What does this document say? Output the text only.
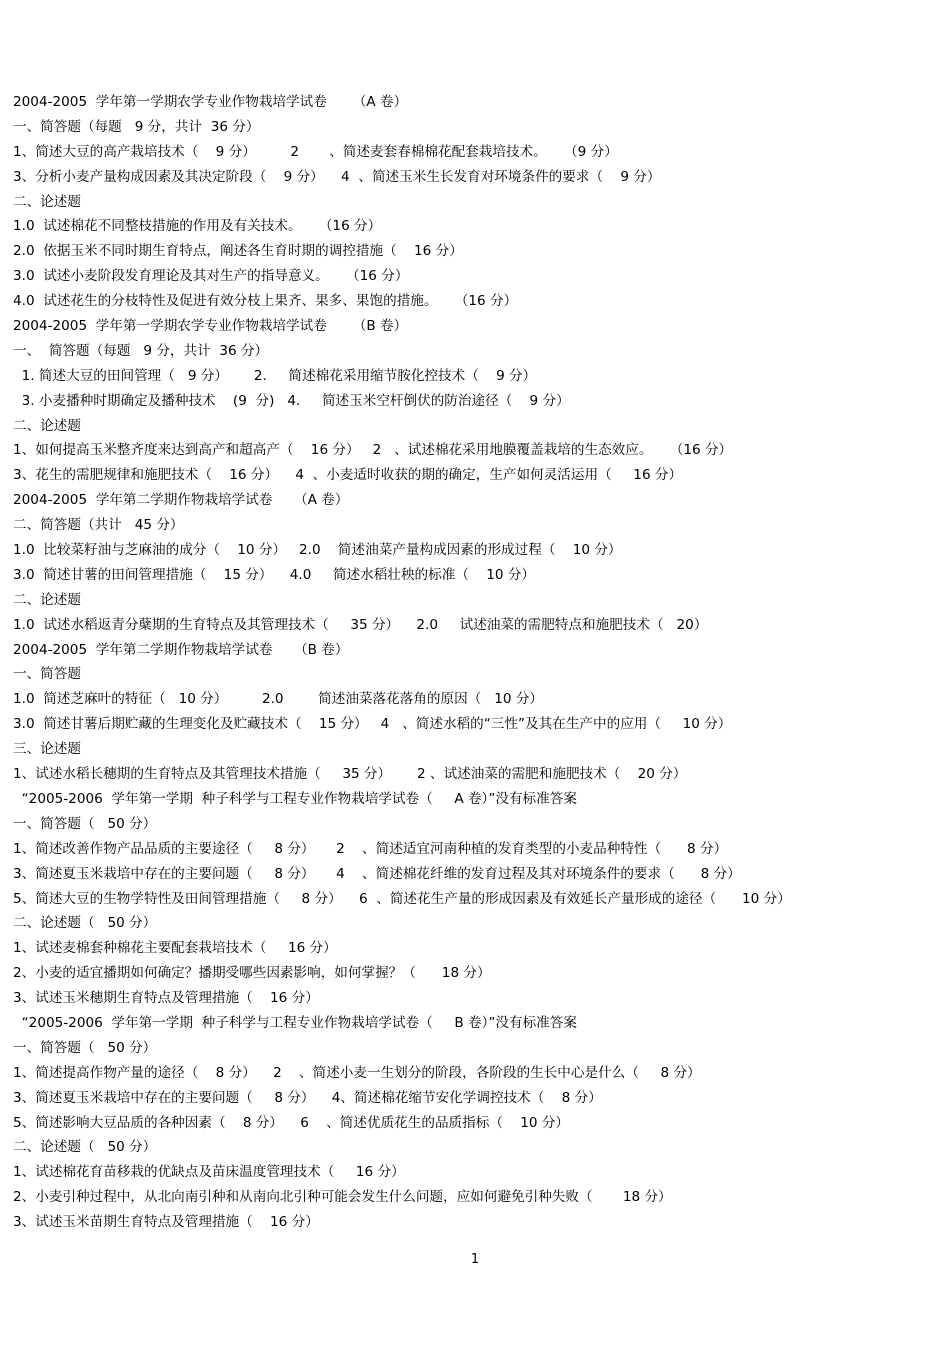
2004-2005  学年第一学期农学专业作物栽培学试卷      （A 卷）
一、简答题（每题   9 分，共计  36 分）
1、简述大豆的高产栽培技术（    9 分）        2       、简述麦套春棉棉花配套栽培技术。    （9 分）
3、分析小麦产量构成因素及其决定阶段（    9 分）    4  、简述玉米生长发育对环境条件的要求（    9 分）
二、论述题
1.0  试述棉花不同整枝措施的作用及有关技术。    （16 分）
2.0  依据玉米不同时期生育特点，阐述各生育时期的调控措施（    16 分）
3.0  试述小麦阶段发育理论及其对生产的指导意义。    （16 分）
4.0  试述花生的分枝特性及促进有效分枝上果齐、果多、果饱的措施。    （16 分）
2004-2005  学年第一学期农学专业作物栽培学试卷      （B 卷）
一、  简答题（每题   9 分，共计  36 分）
1. 简述大豆的田间管理（   9 分）      2.     简述棉花采用缩节胺化控技术（    9 分）
3. 小麦播种时期确定及播种技术    (9  分)   4.     简述玉米空杆倒伏的防治途径（    9 分）
二、论述题
1、如何提高玉米整齐度来达到高产和超高产（    16 分）   2   、试述棉花采用地膜覆盖栽培的生态效应。    （16 分）
3、花生的需肥规律和施肥技术（    16 分）    4  、小麦适时收获的期的确定，生产如何灵活运用（     16 分）
2004-2005  学年第二学期作物栽培学试卷     （A 卷）
二、简答题（共计   45 分）
1.0  比较菜籽油与芝麻油的成分（    10 分）   2.0    简述油菜产量构成因素的形成过程（    10 分）
3.0  简述甘薯的田间管理措施（    15 分）    4.0     简述水稻壮秧的标准（    10 分）
二、论述题
1.0  试述水稻返青分蘖期的生育特点及其管理技术（     35 分）    2.0     试述油菜的需肥特点和施肥技术（   20）
2004-2005  学年第二学期作物栽培学试卷     （B 卷）
一、简答题
1.0  简述芝麻叶的特征（   10 分）        2.0        简述油菜落花落角的原因（   10 分）
3.0  简述甘薯后期贮藏的生理变化及贮藏技术（    15 分）   4   、简述水稻的“三性”及其在生产中的应用（     10 分）
三、论述题
1、试述水稻长穗期的生育特点及其管理技术措施（     35 分）      2 、试述油菜的需肥和施肥技术（    20 分）
“2005-2006  学年第一学期  种子科学与工程专业作物栽培学试卷（     A 卷）”没有标准答案
一、简答题（   50 分）
1、简述改善作物产品品质的主要途径（     8 分）     2    、简述适宜河南种植的发育类型的小麦品种特性（      8 分）
3、简述夏玉米栽培中存在的主要问题（     8 分）     4    、简述棉花纤维的发育过程及其对环境条件的要求（      8 分）
5、简述大豆的生物学特性及田间管理措施（     8 分）    6  、简述花生产量的形成因素及有效延长产量形成的途径（      10 分）
二、论述题（   50 分）
1、试述麦棉套种棉花主要配套栽培技术（     16 分）
2、小麦的适宜播期如何确定？播期受哪些因素影响，如何掌握？（      18 分）
3、试述玉米穗期生育特点及管理措施（    16 分）
“2005-2006  学年第一学期  种子科学与工程专业作物栽培学试卷（     B 卷）”没有标准答案
一、简答题（   50 分）
1、简述提高作物产量的途径（    8 分）    2    、简述小麦一生划分的阶段，各阶段的生长中心是什么（     8 分）
3、简述夏玉米栽培中存在的主要问题（     8 分）    4、简述棉花缩节安化学调控技术（    8 分）
5、简述影响大豆品质的各种因素（    8 分）    6    、简述优质花生的品质指标（    10 分）
二、论述题（   50 分）
1、试述棉花育苗移栽的优缺点及苗床温度管理技术（     16 分）
2、小麦引种过程中，从北向南引种和从南向北引种可能会发生什么问题，应如何避免引种失败（       18 分）
3、试述玉米苗期生育特点及管理措施（    16 分）
1
